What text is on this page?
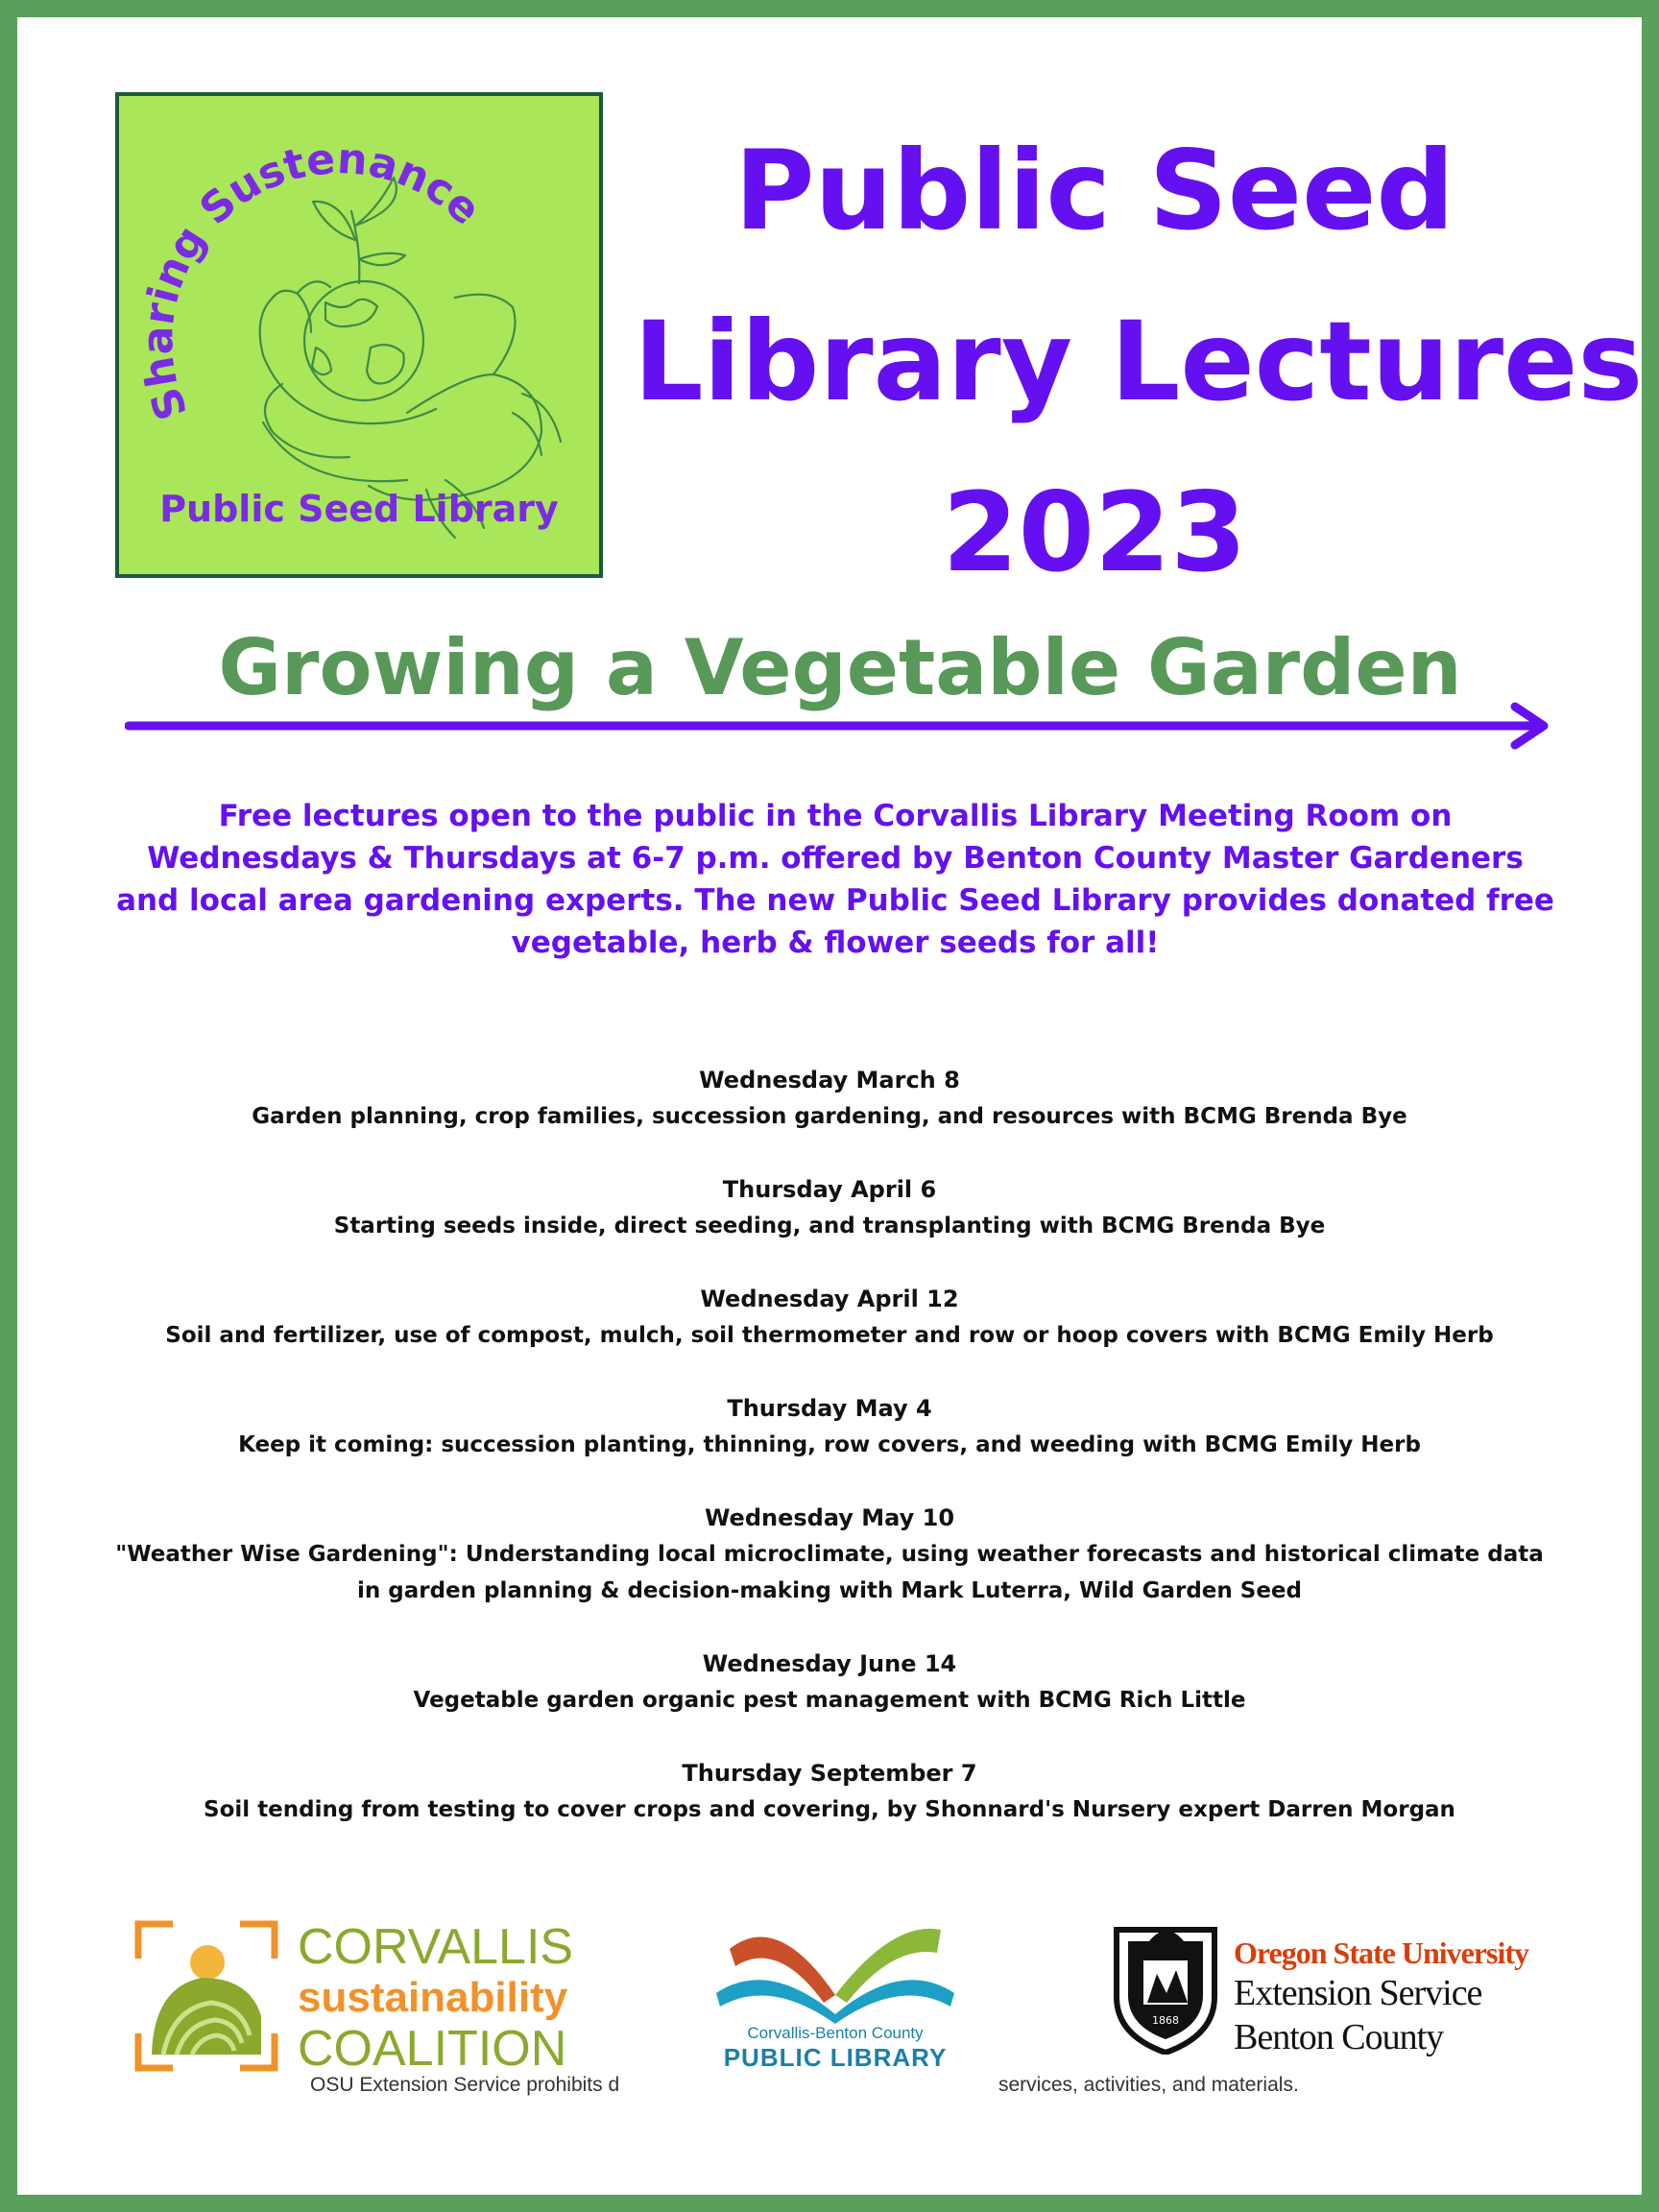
Sharing Sustenance
Public Seed Library
Public Seed
Library Lectures
2023
Growing a Vegetable Garden
Free lectures open to the public in the Corvallis Library Meeting Room on Wednesdays & Thursdays at 6-7 p.m. offered by Benton County Master Gardeners and local area gardening experts. The new Public Seed Library provides donated free vegetable, herb & flower seeds for all!
Wednesday March 8
Garden planning, crop families, succession gardening, and resources with BCMG Brenda Bye
Thursday April 6
Starting seeds inside, direct seeding, and transplanting with BCMG Brenda Bye
Wednesday April 12
Soil and fertilizer, use of compost, mulch, soil thermometer and row or hoop covers with BCMG Emily Herb
Thursday May 4
Keep it coming: succession planting, thinning, row covers, and weeding with BCMG Emily Herb
Wednesday May 10
"Weather Wise Gardening": Understanding local microclimate, using weather forecasts and historical climate data
in garden planning & decision-making with Mark Luterra, Wild Garden Seed
Wednesday June 14
Vegetable garden organic pest management with BCMG Rich Little
Thursday September 7
Soil tending from testing to cover crops and covering, by Shonnard's Nursery expert Darren Morgan
CORVALLIS
sustainability
COALITION	Corvallis-Benton County
PUBLIC LIBRARY
1868
Oregon State University
Extension Service
Benton County
OSU Extension Service prohibits d	services, activities, and materials.
